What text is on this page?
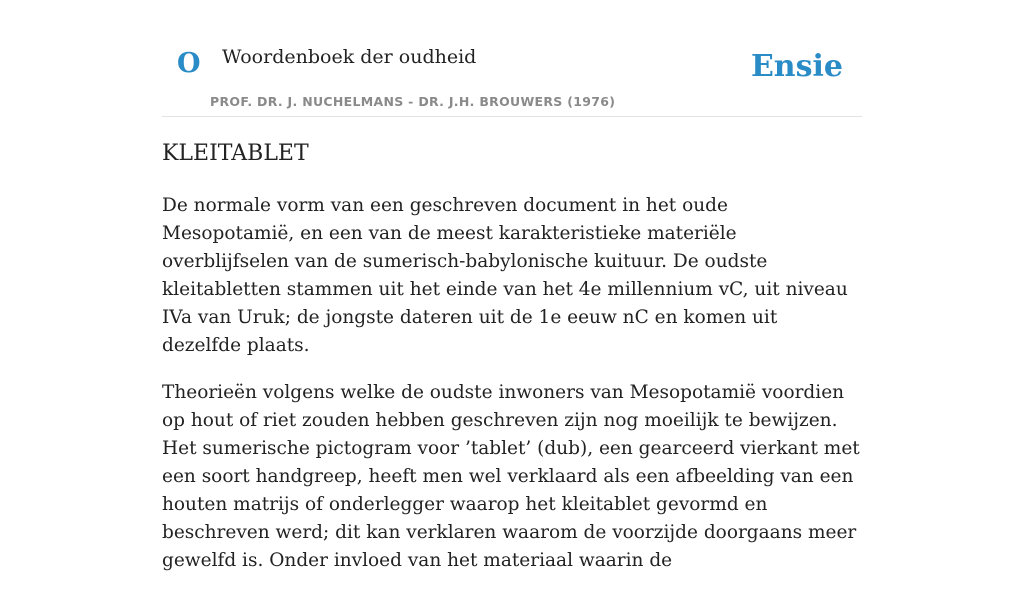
O Woordenboek der oudheid
PROF. DR. J. NUCHELMANS - DR. J.H. BROUWERS (1976)
Ensie
KLEITABLET

De normale vorm van een geschreven document in het oude Mesopotamië, en een van de meest karakteristieke materiële overblijfselen van de sumerisch-babylonische kuituur. De oudste kleitabletten stammen uit het einde van het 4e millennium vC, uit niveau IVa van Uruk; de jongste dateren uit de 1e eeuw nC en komen uit dezelfde plaats.

Theorieën volgens welke de oudste inwoners van Mesopotamië voordien op hout of riet zouden hebben geschreven zijn nog moeilijk te bewijzen. Het sumerische pictogram voor ’tablet’ (dub), een gearceerd vierkant met een soort handgreep, heeft men wel verklaard als een afbeelding van een houten matrijs of onderlegger waarop het kleitablet gevormd en beschreven werd; dit kan verklaren waarom de voorzijde doorgaans meer gewelfd is. Onder invloed van het materiaal waarin de
